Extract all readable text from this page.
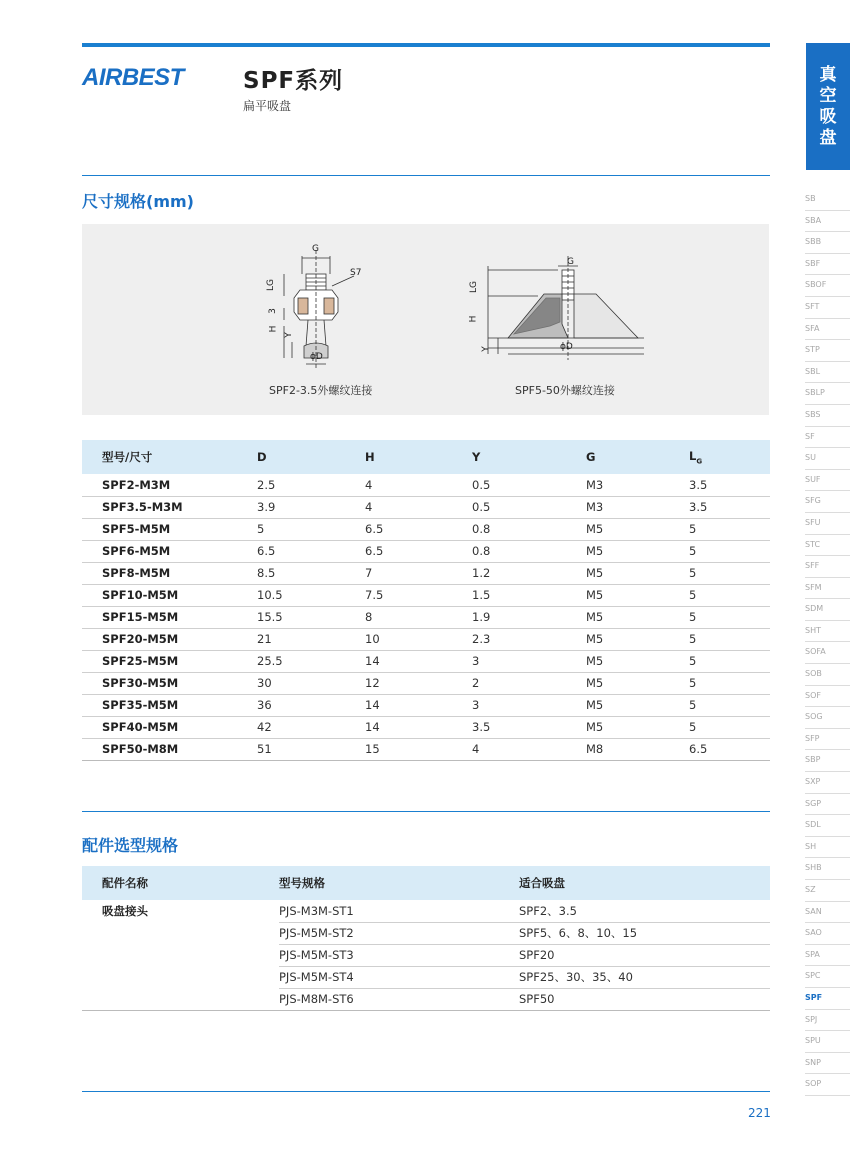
AIRBEST	SPF系列
扁平吸盘
真
空
吸
盘
SB
SBA
SBB
SBF
SBOF
SFT
SFA
STP
SBL
SBLP
SBS
SF
SU
SUF
SFG
SFU
STC
SFF
SFM
SDM
SHT
SOFA
SOB
SOF
SOG
SFP
SBP
SXP
SGP
SDL
SH
SHB
SZ
SAN
SAO
SPA
SPC
SPF
SPJ
SPU
SNP
SOP
尺寸规格(mm)
G
LG
S7
3
H
Y
ϕD
SPF2-3.5外螺纹连接
G
LG
H
Y	ϕD
SPF5-50外螺纹连接
型号/尺寸	D	H	Y	G	$L_G$
SPF2-M3M	2.5	4	0.5	M3	3.5
SPF3.5-M3M	3.9	4	0.5	M3	3.5
SPF5-M5M	5	6.5	0.8	M5	5
SPF6-M5M	6.5	6.5	0.8	M5	5
SPF8-M5M	8.5	7	1.2	M5	5
SPF10-M5M	10.5	7.5	1.5	M5	5
SPF15-M5M	15.5	8	1.9	M5	5
SPF20-M5M	21	10	2.3	M5	5
SPF25-M5M	25.5	14	3	M5	5
SPF30-M5M	30	12	2	M5	5
SPF35-M5M	36	14	3	M5	5
SPF40-M5M	42	14	3.5	M5	5
SPF50-M8M	51	15	4	M8	6.5
配件选型规格
配件名称	型号规格	适合吸盘
吸盘接头	PJS-M3M-ST1	SPF2、3.5
	PJS-M5M-ST2	SPF5、6、8、10、15
	PJS-M5M-ST3	SPF20
	PJS-M5M-ST4	SPF25、30、35、40
	PJS-M8M-ST6	SPF50
221
